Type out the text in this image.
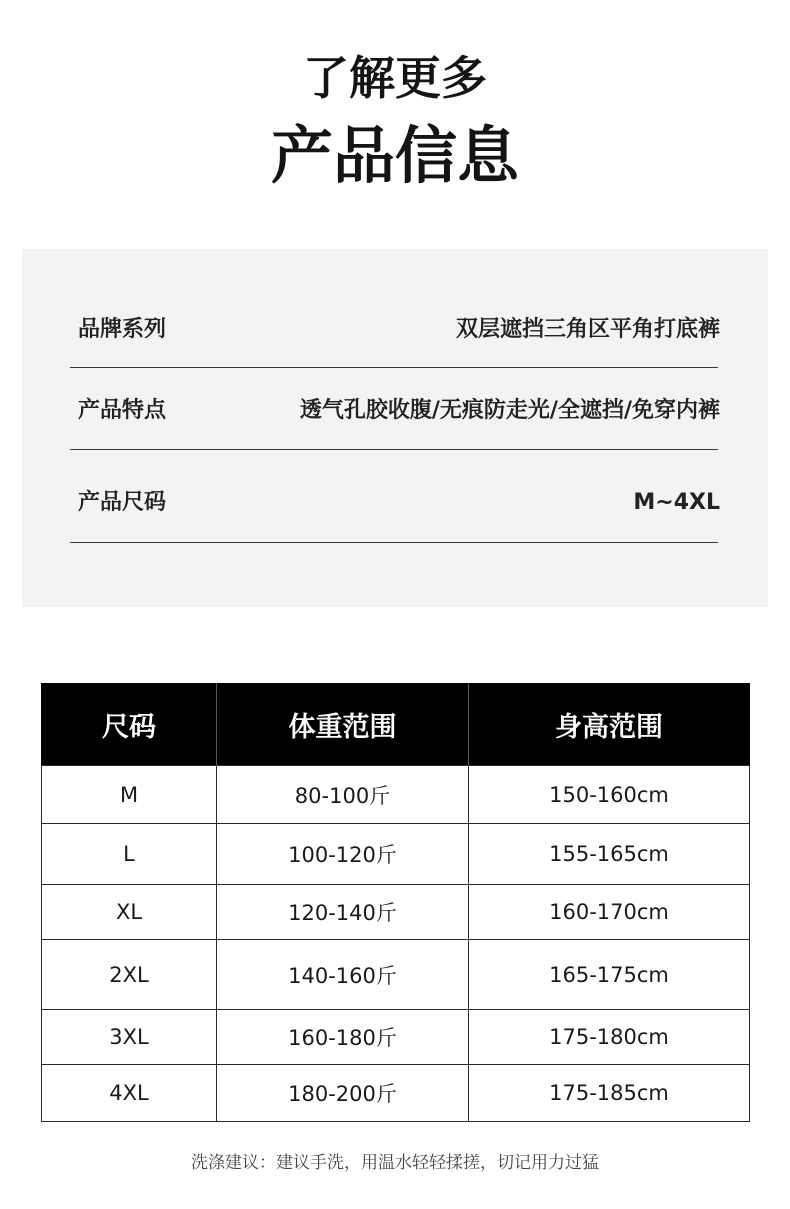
了解更多
产品信息
品牌系列	双层遮挡三角区平角打底裤
产品特点	透气孔胶收腹/无痕防走光/全遮挡/免穿内裤
产品尺码	M~4XL
尺码	体重范围	身高范围
M	80-100斤	150-160cm
L	100-120斤	155-165cm
XL	120-140斤	160-170cm
2XL	140-160斤	165-175cm
3XL	160-180斤	175-180cm
4XL	180-200斤	175-185cm
洗涤建议：建议手洗，用温水轻轻揉搓，切记用力过猛
